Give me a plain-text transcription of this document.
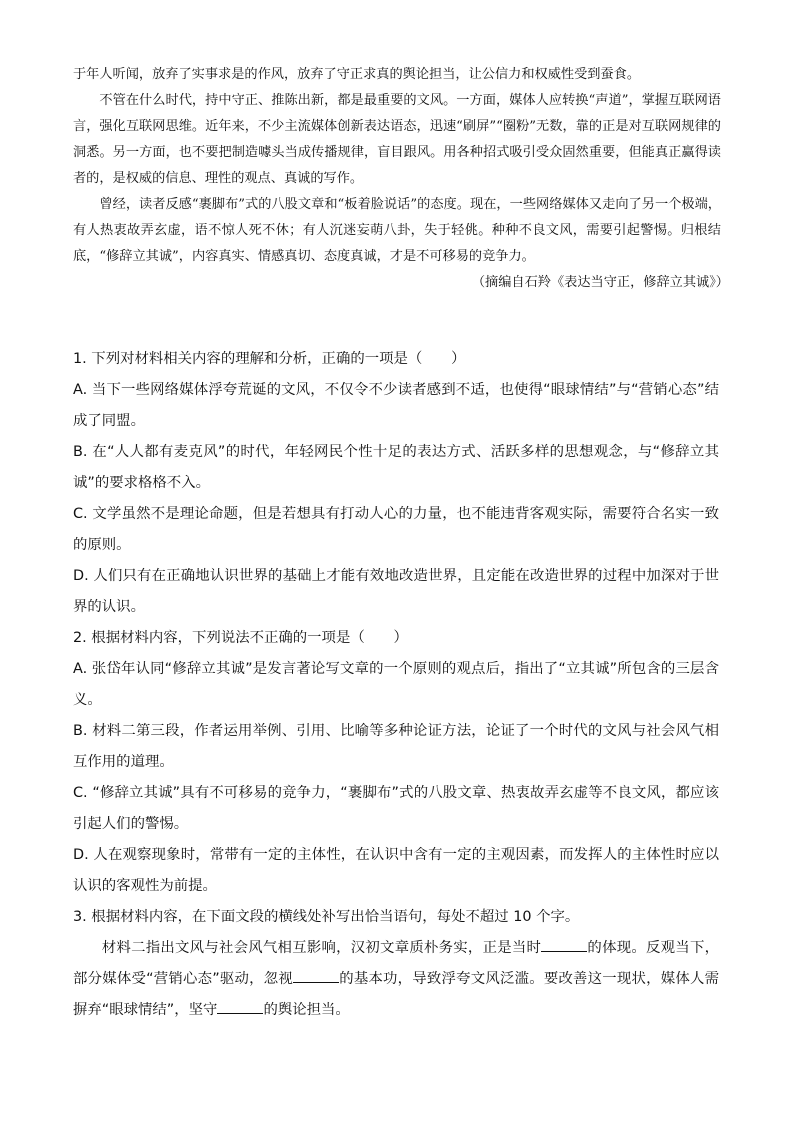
于年人听闻，放弃了实事求是的作风，放弃了守正求真的舆论担当，让公信力和权威性受到蚕食。

不管在什么时代，持中守正、推陈出新，都是最重要的文风。一方面，媒体人应转换“声道”，掌握互联网语言，强化互联网思维。近年来，不少主流媒体创新表达语态，迅速“刷屏”“圈粉”无数，靠的正是对互联网规律的洞悉。另一方面，也不要把制造噱头当成传播规律，盲目跟风。用各种招式吸引受众固然重要，但能真正赢得读者的，是权威的信息、理性的观点、真诚的写作。

曾经，读者反感“裹脚布”式的八股文章和“板着脸说话”的态度。现在，一些网络媒体又走向了另一个极端，有人热衷故弄玄虚，语不惊人死不休；有人沉迷妄萌八卦，失于轻佻。种种不良文风，需要引起警惕。归根结底，“修辞立其诚”，内容真实、情感真切、态度真诚，才是不可移易的竞争力。

（摘编自石羚《表达当守正，修辞立其诚》）

1. 下列对材料相关内容的理解和分析，正确的一项是（　　）

A. 当下一些网络媒体浮夸荒诞的文风，不仅令不少读者感到不适，也使得“眼球情结”与“营销心态”结成了同盟。

B. 在“人人都有麦克风”的时代，年轻网民个性十足的表达方式、活跃多样的思想观念，与“修辞立其诚”的要求格格不入。

C. 文学虽然不是理论命题，但是若想具有打动人心的力量，也不能违背客观实际，需要符合名实一致的原则。

D. 人们只有在正确地认识世界的基础上才能有效地改造世界，且定能在改造世界的过程中加深对于世界的认识。

2. 根据材料内容，下列说法不正确的一项是（　　）

A. 张岱年认同“修辞立其诚”是发言著论写文章的一个原则的观点后，指出了“立其诚”所包含的三层含义。

B. 材料二第三段，作者运用举例、引用、比喻等多种论证方法，论证了一个时代的文风与社会风气相互作用的道理。

C. “修辞立其诚”具有不可移易的竞争力，“裹脚布”式的八股文章、热衷故弄玄虚等不良文风，都应该引起人们的警惕。

D. 人在观察现象时，常带有一定的主体性，在认识中含有一定的主观因素，而发挥人的主体性时应以认识的客观性为前提。

3. 根据材料内容，在下面文段的横线处补写出恰当语句，每处不超过 10 个字。

材料二指出文风与社会风气相互影响，汉初文章质朴务实，正是当时	的体现。反观当下，部分媒体受“营销心态”驱动，忽视	的基本功，导致浮夸文风泛滥。要改善这一现状，媒体人需摒弃“眼球情结”，坚守	的舆论担当。
